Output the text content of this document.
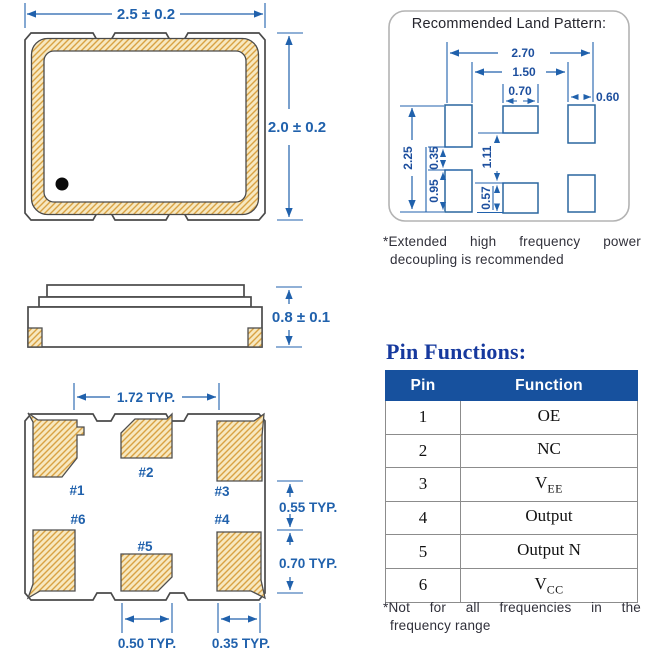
2.5 ± 0.2
2.0 ± 0.2
2.70
1.50
0.70	0.60
2.25 0.35
0.95
1.11
0.57
0.8 ± 0.1
#1
#2
#3
#4
#5
#6
1.72 TYP.
0.55 TYP.
0.70 TYP.
0.50 TYP.	0.35 TYP.
Recommended Land Pattern:
*Extended high frequency power
decoupling is recommended
Pin Functions:
Pin	Function
1	OE
2	NC
3	$V_{EE}$
4	Output
5	Output N
6	$V_{CC}$
*Not for all frequencies in the
frequency range
